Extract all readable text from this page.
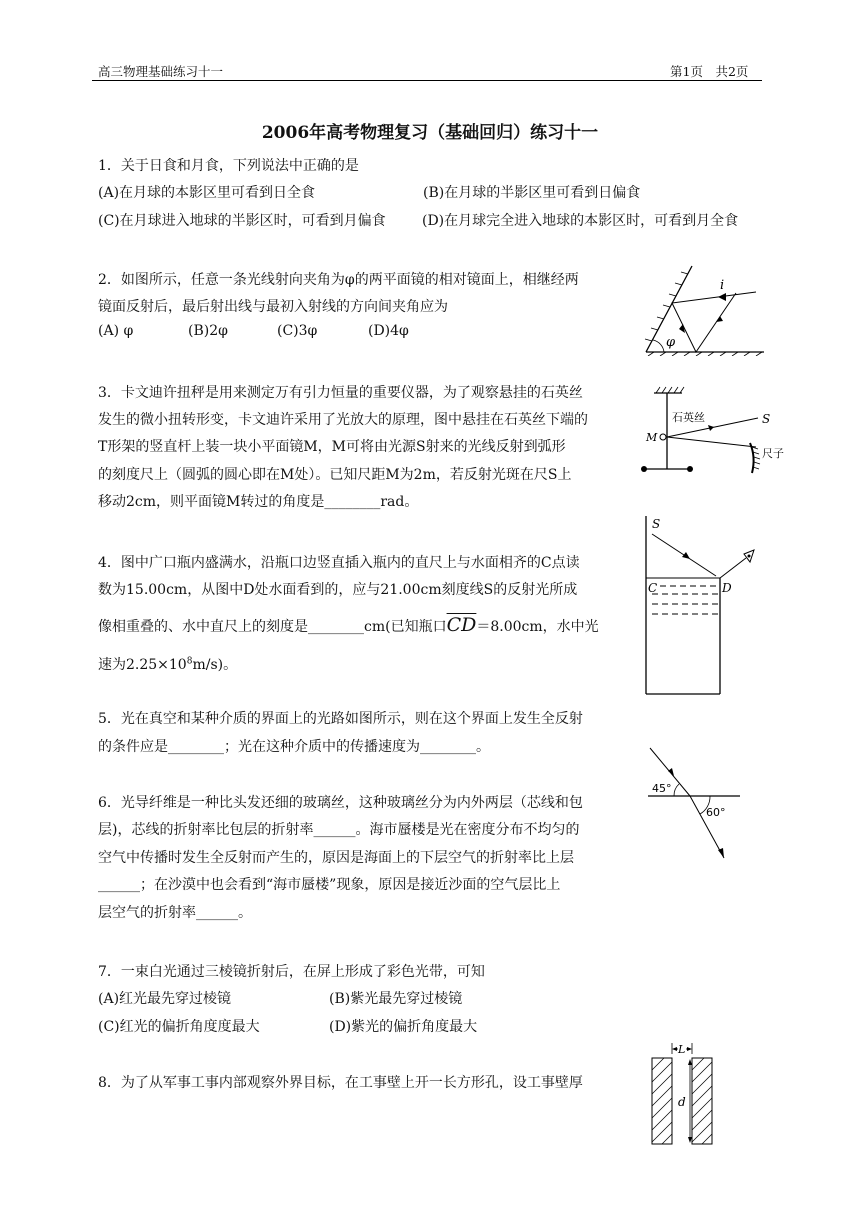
高三物理基础练习十一	第1页　共2页
2006年高考物理复习（基础回归）练习十一
1．关于日食和月食，下列说法中正确的是
(A)在月球的本影区里可看到日全食	(B)在月球的半影区里可看到日偏食
(C)在月球进入地球的半影区时，可看到月偏食	(D)在月球完全进入地球的本影区时，可看到月全食
2．如图所示，任意一条光线射向夹角为φ的两平面镜的相对镜面上，相继经两
镜面反射后，最后射出线与最初入射线的方向间夹角应为
(A) φ	(B)2φ	(C)3φ	(D)4φ
φ
i
3．卡文迪许扭秤是用来测定万有引力恒量的重要仪器，为了观察悬挂的石英丝
发生的微小扭转形变，卡文迪许采用了光放大的原理，图中悬挂在石英丝下端的
T形架的竖直杆上装一块小平面镜M，M可将由光源S射来的光线反射到弧形
的刻度尺上（圆弧的圆心即在M处）。已知尺距M为2m，若反射光斑在尺S上
移动2cm，则平面镜M转过的角度是________rad。
石英丝
M
S
尺子
4．图中广口瓶内盛满水，沿瓶口边竖直插入瓶内的直尺上与水面相齐的C点读
数为15.00cm，从图中D处水面看到的，应与21.00cm刻度线S的反射光所成
像相重叠的、水中直尺上的刻度是________cm(已知瓶口$\overline{CD}=8.00cm$，水中光
速为$2.25\times 10^8m/s$)。
S
C	D
5．光在真空和某种介质的界面上的光路如图所示，则在这个界面上发生全反射
的条件应是________；光在这种介质中的传播速度为________。
45°
60°
6．光导纤维是一种比头发还细的玻璃丝，这种玻璃丝分为内外两层（芯线和包
层)，芯线的折射率比包层的折射率______。海市蜃楼是光在密度分布不均匀的
空气中传播时发生全反射而产生的，原因是海面上的下层空气的折射率比上层
______；在沙漠中也会看到“海市蜃楼”现象，原因是接近沙面的空气层比上
层空气的折射率______。
7．一束白光通过三棱镜折射后，在屏上形成了彩色光带，可知
(A)红光最先穿过棱镜	(B)紫光最先穿过棱镜
(C)红光的偏折角度度最大	(D)紫光的偏折角度最大
8．为了从军事工事内部观察外界目标，在工事壁上开一长方形孔，设工事壁厚
L
d
